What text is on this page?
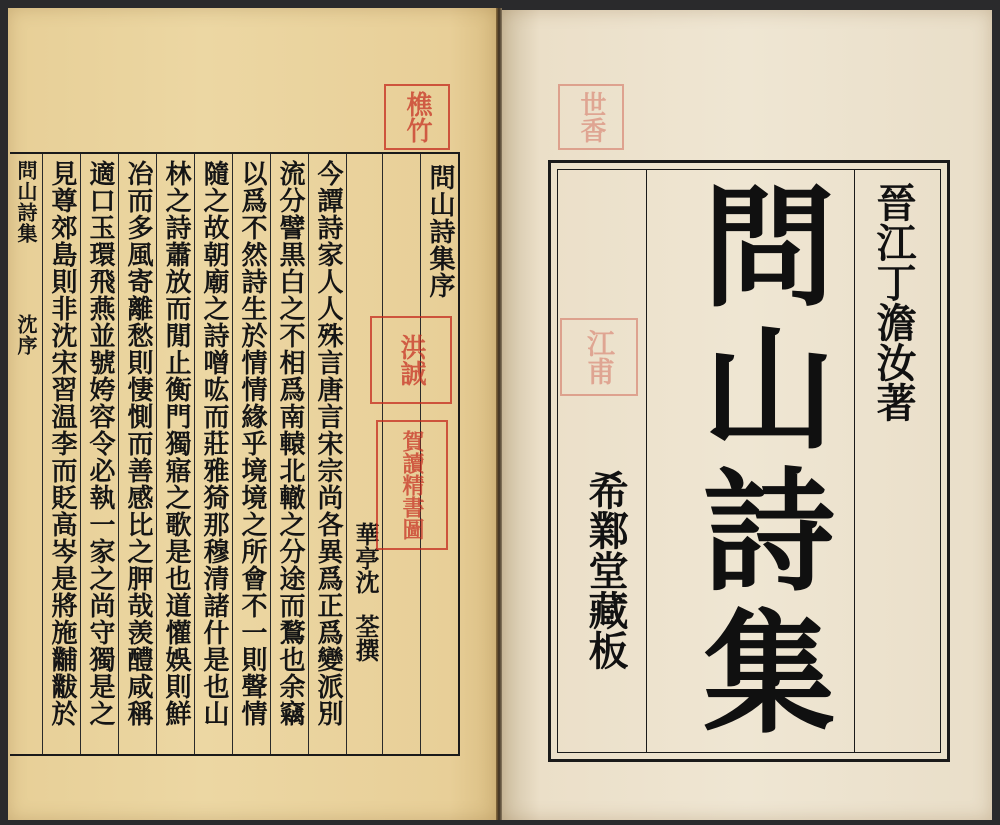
問山詩集
沈序 見尊郊島則非沈宋習温李而貶高岑是將施黼黻於 適口玉環飛燕並號姱容令必執一家之尚守獨是之 冶而多風寄離愁則悽惻而善感比之胛哉羡醴咸稱 林之詩蕭放而閒止衡門獨寤之歌是也道懽娛則鮮 隨之故朝廟之詩噌吰而莊雅猗那穆清諸什是也山 以爲不然詩生於情情緣乎境境之所會不一則聲情 流分譬黒白之不相爲南轅北轍之分途而鶩也余竊 今譚詩家人人殊言唐言宋宗尚各異爲正爲變派別 華亭沈
荃撰
問山詩集序
樵竹
洪誠
賀讀精書圖
世香
江甫
問
山
詩
集
晉江丁澹汝著
希鄴堂藏板
